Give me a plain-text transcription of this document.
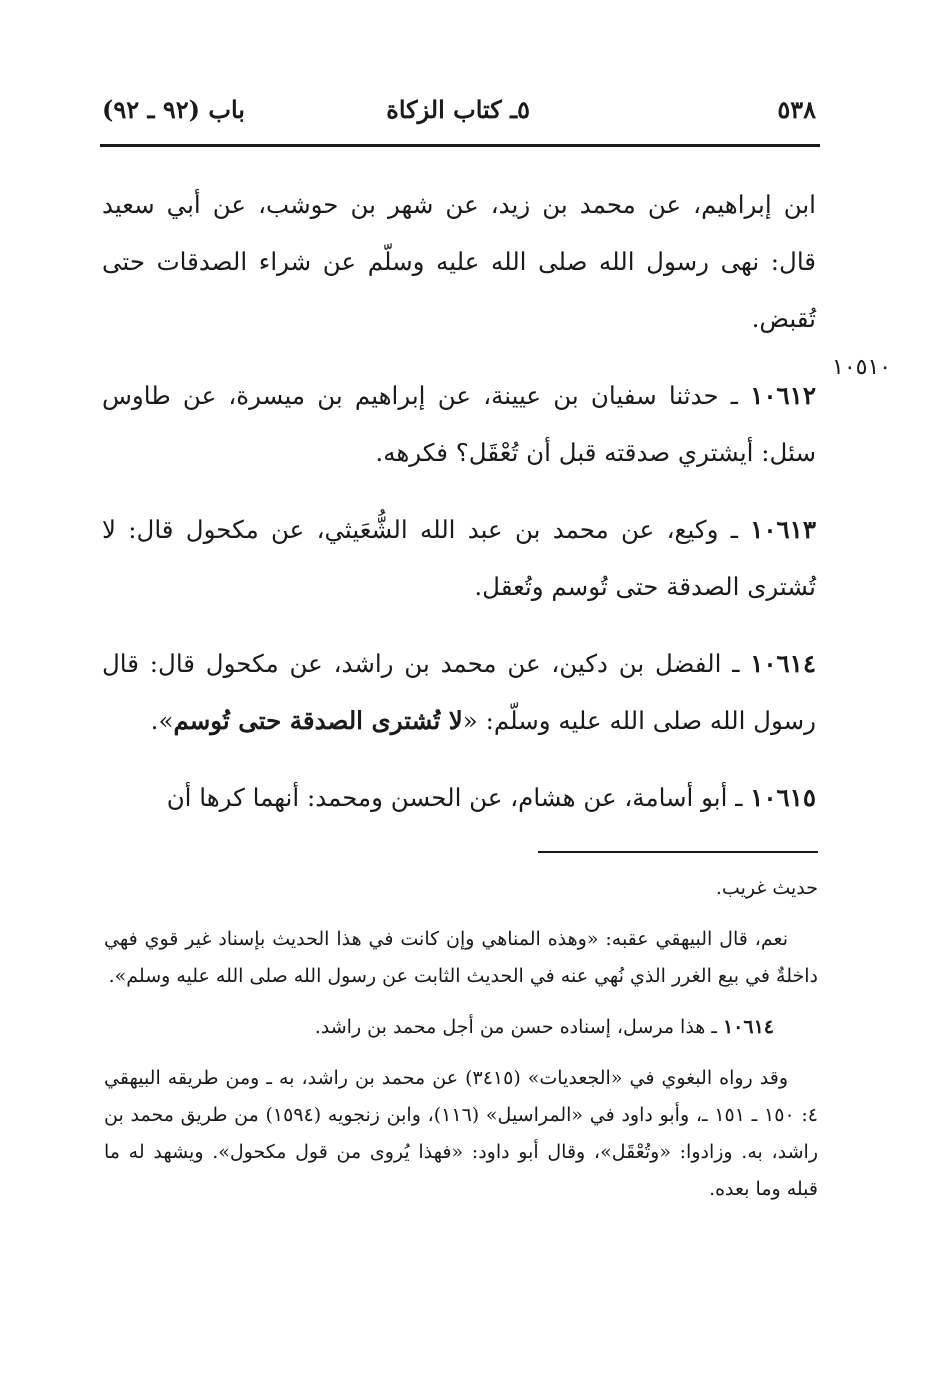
٥٣٨
٥ـ كتاب الزكاة
باب (٩٢ ـ ٩٢)
١٠٥١٠

ابن إبراهيم، عن محمد بن زيد، عن شهر بن حوشب، عن أبي سعيد قال: نهى رسول الله صلى الله عليه وسلّم عن شراء الصدقات حتى تُقبض.

١٠٦١٢ ـ حدثنا سفيان بن عيينة، عن إبراهيم بن ميسرة، عن طاوس سئل: أيشتري صدقته قبل أن تُعْقَل؟ فكرهه.

١٠٦١٣ ـ وكيع، عن محمد بن عبد الله الشُّعَيثي، عن مكحول قال: لا تُشترى الصدقة حتى تُوسم وتُعقل.

١٠٦١٤ ـ الفضل بن دكين، عن محمد بن راشد، عن مكحول قال: قال رسول الله صلى الله عليه وسلّم: «لا تُشترى الصدقة حتى تُوسم».

١٠٦١٥ ـ أبو أسامة، عن هشام، عن الحسن ومحمد: أنهما كرها أن

حديث غريب.

نعم، قال البيهقي عقبه: «وهذه المناهي وإن كانت في هذا الحديث بإسناد غير قوي فهي داخلةٌ في بيع الغرر الذي نُهي عنه في الحديث الثابت عن رسول الله صلى الله عليه وسلم».

١٠٦١٤ ـ هذا مرسل، إسناده حسن من أجل محمد بن راشد.

وقد رواه البغوي في «الجعديات» (٣٤١٥) عن محمد بن راشد، به ـ ومن طريقه البيهقي ٤: ١٥٠ ـ ١٥١ ـ، وأبو داود في «المراسيل» (١١٦)، وابن زنجويه (١٥٩٤) من طريق محمد بن راشد، به. وزادوا: «وتُعْقَل»، وقال أبو داود: «فهذا يُروى من قول مكحول». ويشهد له ما قبله وما بعده.
